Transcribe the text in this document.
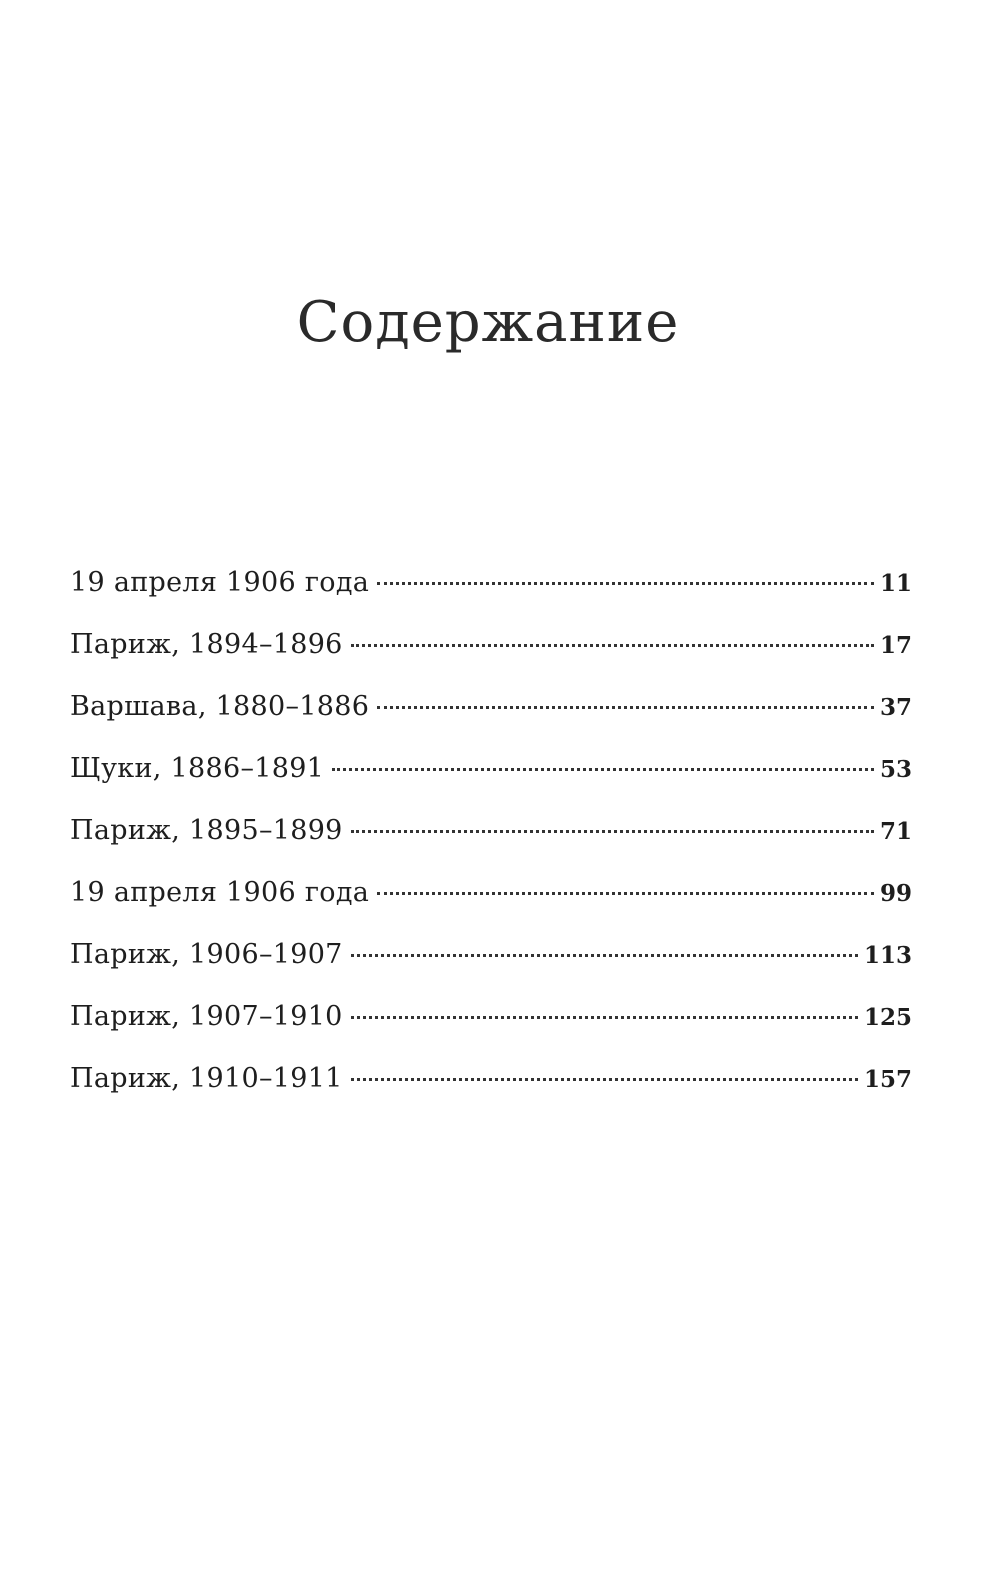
Содержание
19 апреля 1906 года	11
Париж, 1894–1896	17
Варшава, 1880–1886	37
Щуки, 1886–1891	53
Париж, 1895–1899	71
19 апреля 1906 года	99
Париж, 1906–1907	113
Париж, 1907–1910	125
Париж, 1910–1911	157
